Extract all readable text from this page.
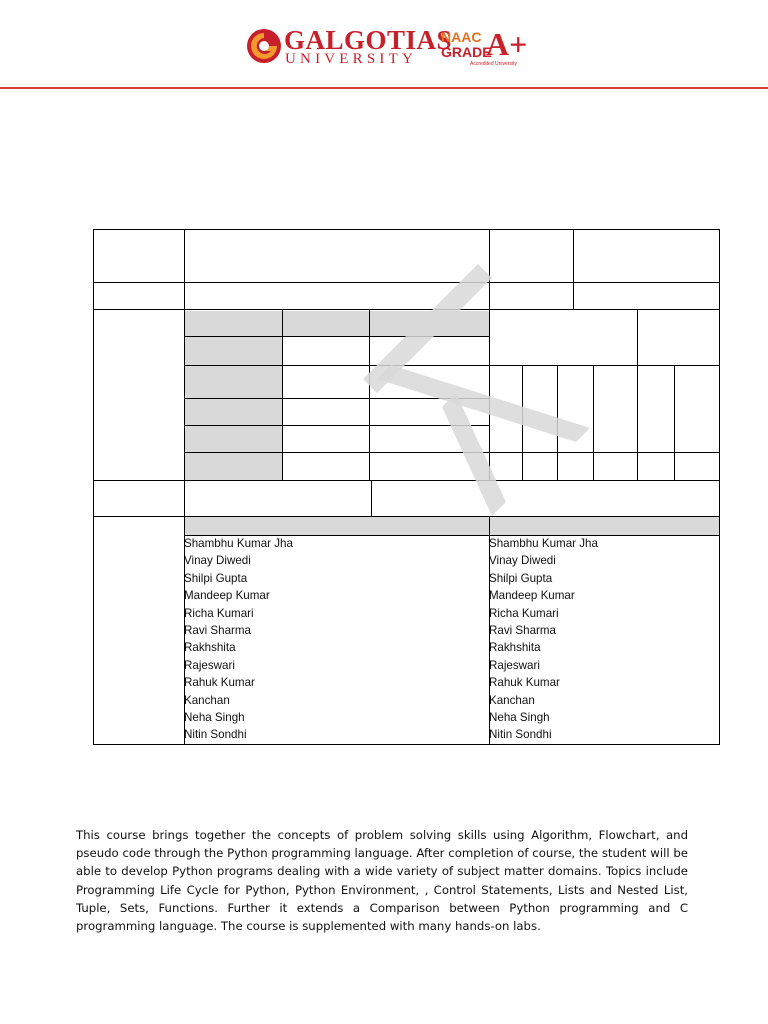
GALGOTIAS
UNIVERSITY
NAAC
GRADE
A+
Accredited University
Shambhu Kumar Jha
Vinay Diwedi
Shilpi Gupta
Mandeep Kumar
Richa Kumari
Ravi Sharma
Rakhshita
Rajeswari
Rahuk Kumar
Kanchan
Neha Singh
Nitin Sondhi
Shambhu Kumar Jha
Vinay Diwedi
Shilpi Gupta
Mandeep Kumar
Richa Kumari
Ravi Sharma
Rakhshita
Rajeswari
Rahuk Kumar
Kanchan
Neha Singh
Nitin Sondhi
This course brings together the concepts of problem solving skills using Algorithm, Flowchart, and pseudo code through the Python programming language. After completion of course, the student will be able to develop Python programs dealing with a wide variety of subject matter domains. Topics include Programming Life Cycle for Python, Python Environment, , Control Statements, Lists and Nested List, Tuple, Sets, Functions. Further it extends a Comparison between Python programming and C programming language. The course is supplemented with many hands-on labs.
